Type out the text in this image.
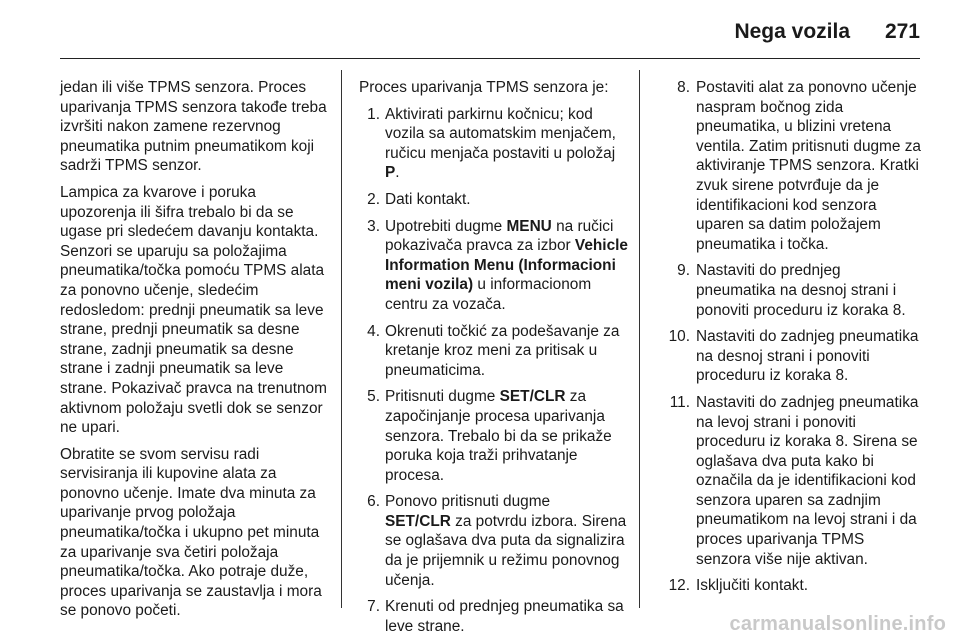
Nega vozila 271

jedan ili više TPMS senzora. Proces uparivanja TPMS senzora takođe treba izvršiti nakon zamene rezervnog pneumatika putnim pneumatikom koji sadrži TPMS senzor.

Lampica za kvarove i poruka upozorenja ili šifra trebalo bi da se ugase pri sledećem davanju kontakta. Senzori se uparuju sa položajima pneumatika/točka pomoću TPMS alata za ponovno učenje, sledećim redosledom: prednji pneumatik sa leve strane, prednji pneumatik sa desne strane, zadnji pneumatik sa desne strane i zadnji pneumatik sa leve strane. Pokazivač pravca na trenutnom aktivnom položaju svetli dok se senzor ne upari.

Obratite se svom servisu radi servisiranja ili kupovine alata za ponovno učenje. Imate dva minuta za uparivanje prvog položaja pneumatika/točka i ukupno pet minuta za uparivanje sva četiri položaja pneumatika/točka. Ako potraje duže, proces uparivanja se zaustavlja i mora se ponovo početi.

Proces uparivanja TPMS senzora je:

1. Aktivirati parkirnu kočnicu; kod vozila sa automatskim menjačem, ručicu menjača postaviti u položaj P.
2. Dati kontakt.
3. Upotrebiti dugme MENU na ručici pokazivača pravca za izbor Vehicle Information Menu (Informacioni meni vozila) u informacionom centru za vozača.
4. Okrenuti točkić za podešavanje za kretanje kroz meni za pritisak u pneumaticima.
5. Pritisnuti dugme SET/CLR za započinjanje procesa uparivanja senzora. Trebalo bi da se prikaže poruka koja traži prihvatanje procesa.
6. Ponovo pritisnuti dugme
SET/CLR za potvrdu izbora. Sirena se oglašava dva puta da signalizira da je prijemnik u režimu ponovnog učenja.
7. Krenuti od prednjeg pneumatika sa leve strane.
8. Postaviti alat za ponovno učenje naspram bočnog zida pneumatika, u blizini vretena ventila. Zatim pritisnuti dugme za aktiviranje TPMS senzora. Kratki zvuk sirene potvrđuje da je identifikacioni kod senzora uparen sa datim položajem pneumatika i točka.
9. Nastaviti do prednjeg pneumatika na desnoj strani i ponoviti proceduru iz koraka 8.
10. Nastaviti do zadnjeg pneumatika na desnoj strani i ponoviti proceduru iz koraka 8.
11. Nastaviti do zadnjeg pneumatika na levoj strani i ponoviti proceduru iz koraka 8. Sirena se oglašava dva puta kako bi označila da je identifikacioni kod senzora uparen sa zadnjim pneumatikom na levoj strani i da proces uparivanja TPMS senzora više nije aktivan.
12. Isključiti kontakt.
carmanualsonline.info
